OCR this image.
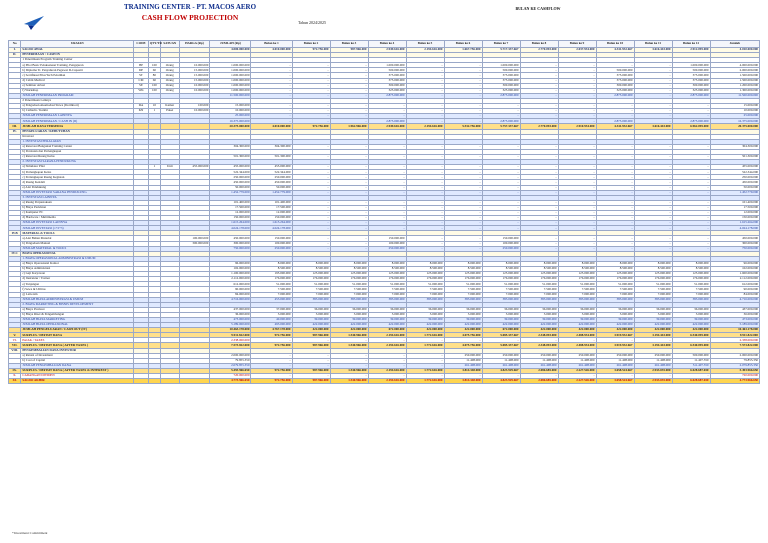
TRAINING CENTER - PT. MACOS AERO
CASH FLOW PROJECTION
Tahun 2024/2025
BULAN KE CASHFLOW
No	URAIAN	CODE	QTY/TR	SATUAN	HARGA (Rp)	JUMLAH (Rp)	Bulan ke 1	Bulan ke 2	Bulan ke 3	Bulan ke 4	Bulan ke 5	Bulan ke 6	Bulan ke 7	Bulan ke 8	Bulan ke 9	Bulan ke 10	Bulan ke 11	Bulan ke 12	Jumlah
I.	SALDO AWAL					4.000.000.000	4.010.000.000	972.756.000	987.966.000	2.949.616.000	2.194.616.000	1.667.756.000	5.717.337.667	2.770.093.000	2.037.934.000	4.341.932.667	3.616.443.000	2.912.095.000	4.010.000.000
II.	PENERIMAAN / CASH IN																		
	1 Penerimaan Program Training Center																		
	a) Pilot Basic Pelaksanaan Training, Pengajaran	BP	100	Orang	10.000.000	1.000.000.000	-	-	-	1.000.000.000	-	-	1.000.000.000	-	-	-	-	1.000.000.000	4.000.000.000
	b) Diploma Tr. Penyaluran Pegawai D-Cupasiti	DP	60	Orang	15.000.000	1.000.000.000	-	-	-	500.000.000	-	-	500.000.000	-	-	500.000.000	-	500.000.000	2.000.000.000
	c) Sertifikasi Pilot/Tech Pelatihan	ST	80	Orang	15.000.000	1.000.000.000	-	-	-	375.000.000	-	-	375.000.000	-	-	375.000.000	-	375.000.000	1.500.000.000
	d) Cabin Medical	CM	60	Orang	15.000.000	1.000.000.000	-	-	-	375.000.000	-	-	375.000.000	-	-	375.000.000	-	375.000.000	1.500.000.000
	e) Seminar Aviasi	SE	100	Orang	10.000.000	1.000.000.000	-	-	-	300.000.000	-	-	300.000.000	-	-	300.000.000	-	300.000.000	1.200.000.000
	f) Workshop	WK	100	Orang	10.000.000	1.000.000.000	-	-	-	325.000.000	-	-	325.000.000	-	-	325.000.000	-	325.000.000	1.300.000.000
	JUMLAH PENERIMAAN PROGRAM					11.500.000.000	-	-	-	2.875.000.000	-	-	2.875.000.000	-	-	2.875.000.000	-	2.875.000.000	11.500.000.000
	2 Penerimaan Lainnya																		
	a) Pengadaan Akomodasi Siswa (Dormitori)	DA	10	Kamar	100.000	15.000.000	-	-	-	-	-	-	-	-	-	-	-	-	15.000.000
	b) Catherin / Kantin	KN	1	Paket	10.000.000	10.000.000	-	-	-	-	-	-	-	-	-	-	-	-	10.000.000
	JUMLAH PENERIMAAN LAINNYA					25.000.000	-	-	-	-	-	-	-	-	-	-	-	-	25.000.000
	JUMLAH PENERIMAAN / CASH IN (II)					16.375.000.000	-	-	-	2.875.000.000	-	-	2.875.000.000	-	-	2.875.000.000	-	2.875.000.000	16.375.000.000
III.	JUMLAH DANA TERSEDIA					20.375.000.000	4.010.000.000	972.756.000	1.962.966.000	2.949.616.000	2.194.616.000	5.532.756.000	5.757.337.667	2.770.093.000	2.910.934.000	4.341.932.667	3.616.443.000	6.962.095.000	20.375.000.000
IV.	PENGELUARAN / KEBUTUHAN																		
	Investasi																		
	1. INVESTASI PERALATAN																		
	a) Renovasi Bangunan Training Center					304.300.000	304.300.000	-	-	-	-	-	-	-	-	-	-	-	304.300.000
	b) Peralatan dan Perlengkapan																		
	c) Renovasi Ruang Kelas					501.300.000	501.300.000	-	-	-	-	-	-	-	-	-	-	-	501.300.000
	2. INVESTASI SARANA PENDUKUNG																		
	a) Simulator Pilot		1	Unit	455.000.000	455.000.000	455.000.000	-	-	-	-	-	-	-	-	-	-	-	455.000.000
	b) Perlengkapan Kelas					522.344.000	522.344.000	-	-	-	-	-	-	-	-	-	-	-	522.344.000
	c) Perlengkapan Ruang Kegiatan					250.000.000	250.000.000	-	-	-	-	-	-	-	-	-	-	-	250.000.000
	d) Ruang Kendali					450.000.000	450.000.000	-	-	-	-	-	-	-	-	-	-	-	450.000.000
	e) Alat Pendukung					50.000.000	50.000.000	-	-	-	-	-	-	-	-	-	-	-	50.000.000
	JUMLAH INVESTASI SARANA PENDUKUNG					1.452.779.000	1.452.779.000	-	-	-	-	-	-	-	-	-	-	-	1.452.779.000
	3. INVESTASI LAINNYA																		
	a) Ruang Perpustakaan					101.400.000	101.400.000	-	-	-	-	-	-	-	-	-	-	-	101.400.000
	b) Biaya Perizinan					17.500.000	17.500.000	-	-	-	-	-	-	-	-	-	-	-	17.500.000
	c) Komputer PC					12.000.000	12.000.000	-	-	-	-	-	-	-	-	-	-	-	12.000.000
	d) Hardware / Multimedia					150.000.000	150.000.000	-	-	-	-	-	-	-	-	-	-	-	150.000.000
	JUMLAH INVESTASI LAINNYA					1.615.264.000	1.615.264.000	-	-	-	-	-	-	-	-	-	-	-	1.615.264.000
	JUMLAH INVESTASI (1+2+3)					4.024.178.000	4.024.178.000	-	-	-	-	-	-	-	-	-	-	-	4.024.178.000
IV.B	MATERIAL & TOOLS																		
	a) Alat Bahan Material				100.000.000	450.000.000	150.000.000	-	-	150.000.000	-	-	150.000.000	-	-	-	-	-	450.000.000
	b) Pengadaan Manual				300.000.000	300.000.000	100.000.000	-	-	100.000.000	-	-	100.000.000	-	-	-	-	-	300.000.000
	JUMLAH MATERIAL & TOOLS					750.000.000	250.000.000	-	-	250.000.000	-	-	250.000.000	-	-	-	-	-	750.000.000
IV.C	BIAYA OPERASIONAL																		
	1. BIAYA OPERASIONAL ADMINISTRASI & UMUM																		
	a) Biaya Operasional Kantor					96.000.000	8.000.000	8.000.000	8.000.000	8.000.000	8.000.000	8.000.000	8.000.000	8.000.000	8.000.000	8.000.000	8.000.000	8.000.000	96.000.000
	b) Biaya Administrasi					102.000.000	8.500.000	8.500.000	8.500.000	8.500.000	8.500.000	8.500.000	8.500.000	8.500.000	8.500.000	8.500.000	8.500.000	8.500.000	102.000.000
	c) Gaji Karyawan					1.100.000.000	195.000.000	125.000.000	125.000.000	125.000.000	125.000.000	125.000.000	125.000.000	125.000.000	125.000.000	125.000.000	125.000.000	125.000.000	1.600.000.000
	d) Instruktur / Trainer					2.112.000.000	176.000.000	176.000.000	176.000.000	176.000.000	176.000.000	176.000.000	176.000.000	176.000.000	176.000.000	176.000.000	176.000.000	176.000.000	2.112.000.000
	e) Tunjangan					612.000.000	51.000.000	51.000.000	51.000.000	51.000.000	51.000.000	51.000.000	51.000.000	51.000.000	51.000.000	51.000.000	51.000.000	51.000.000	612.000.000
	f) Sewa & Utilitas					90.000.000	7.500.000	7.500.000	7.500.000	7.500.000	7.500.000	7.500.000	7.500.000	7.500.000	7.500.000	7.500.000	7.500.000	7.500.000	90.000.000
	g) Lain-lain					84.000.000	7.000.000	7.000.000	7.000.000	7.000.000	7.000.000	7.000.000	7.000.000	7.000.000	7.000.000	7.000.000	7.000.000	7.000.000	84.000.000
	JUMLAH BIAYA ADMINISTRASI & UMUM					4.716.000.000	453.000.000	383.000.000	383.000.000	383.000.000	383.000.000	383.000.000	383.000.000	383.000.000	383.000.000	383.000.000	383.000.000	383.000.000	4.716.000.000
	2. BIAYA MARKETING & BISNIS DEVELOPMENT																		
	a) Biaya Promosi					437.000.000	37.000.000	36.000.000	36.000.000	36.000.000	36.000.000	36.000.000	36.000.000	36.000.000	36.000.000	36.000.000	36.000.000	36.000.000	437.000.000
	b) Biaya Riset & Pengembangan					36.000.000	3.000.000	3.000.000	3.000.000	3.000.000	3.000.000	3.000.000	3.000.000	3.000.000	3.000.000	3.000.000	3.000.000	3.000.000	36.000.000
	JUMLAH BIAYA MARKETING					473.000.000	40.000.000	39.000.000	39.000.000	39.000.000	39.000.000	39.000.000	39.000.000	39.000.000	39.000.000	39.000.000	39.000.000	39.000.000	473.000.000
	JUMLAH BIAYA OPERASIONAL					5.189.000.000	493.000.000	422.000.000	422.000.000	422.000.000	422.000.000	422.000.000	422.000.000	422.000.000	422.000.000	422.000.000	422.000.000	422.000.000	5.189.000.000
	JUMLAH PENGELUARAN / CASH OUT (IV)					10.463.178.000	4.767.178.000	422.000.000	422.000.000	672.000.000	422.000.000	422.000.000	672.000.000	422.000.000	422.000.000	422.000.000	422.000.000	422.000.000	10.463.178.000
V.	SURPLUS / DEFISIT DANA					9.911.822.000	972.756.000	987.966.000	1.540.966.000	2.194.616.000	1.772.616.000	4.075.756.000	5.085.337.667	2.348.093.000	2.488.934.000	3.919.932.667	3.194.443.000	6.540.095.000	9.911.822.000
VI.	PAJAK / TAXES					2.338.000.000	-	-	-	-	-	-	-	-	-	-	-	-	2.338.000.000
VII.	SURPLUS / DEFISIT DANA ( AFTER TAXES )					7.573.822.000	972.756.000	987.966.000	1.540.966.000	2.194.616.000	1.772.616.000	4.075.756.000	5.085.337.667	2.348.093.000	2.488.934.000	3.919.932.667	3.194.443.000	6.540.095.000	7.573.822.000
VIII.	PENGEMBALIAN DANA INVESTOR																		
	a) Return of Investment					2.000.000.000	-	-	-	-	-	250.000.000	250.000.000	250.000.000	250.000.000	250.000.000	250.000.000	500.000.000	2.000.000.000
	b) Cost of Capital					79.855.350	-	-	-	-	-	11.408.000	11.408.000	11.408.000	11.408.000	11.408.000	11.408.000	11.407.350	79.855.350
	JUMLAH PENGEMBALIAN DANA					2.079.855.350	-	-	-	-	-	261.408.000	261.408.000	261.408.000	261.408.000	261.408.000	261.408.000	511.407.350	2.079.855.350
IX.	SURPLUS / DEFISIT DANA ( AFTER TAXES & INTEREST )					5.493.966.650	972.756.000	987.966.000	1.540.966.000	2.194.616.000	1.772.616.000	3.814.348.000	4.823.929.667	2.086.685.000	2.227.526.000	3.658.524.667	2.933.035.000	6.028.687.650	5.493.966.650
X.	CADANGAN DIVIDEN					720.000.000	-	-	-	-	-	-	-	-	-	-	-	-	720.000.000
XI.	SALDO AKHIR					4.773.966.650	972.756.000	987.966.000	1.540.966.000	2.194.616.000	1.772.616.000	3.814.348.000	4.823.929.667	2.086.685.000	2.227.526.000	3.658.524.667	2.933.035.000	6.028.687.650	4.773.966.650
*Investment Commitment
